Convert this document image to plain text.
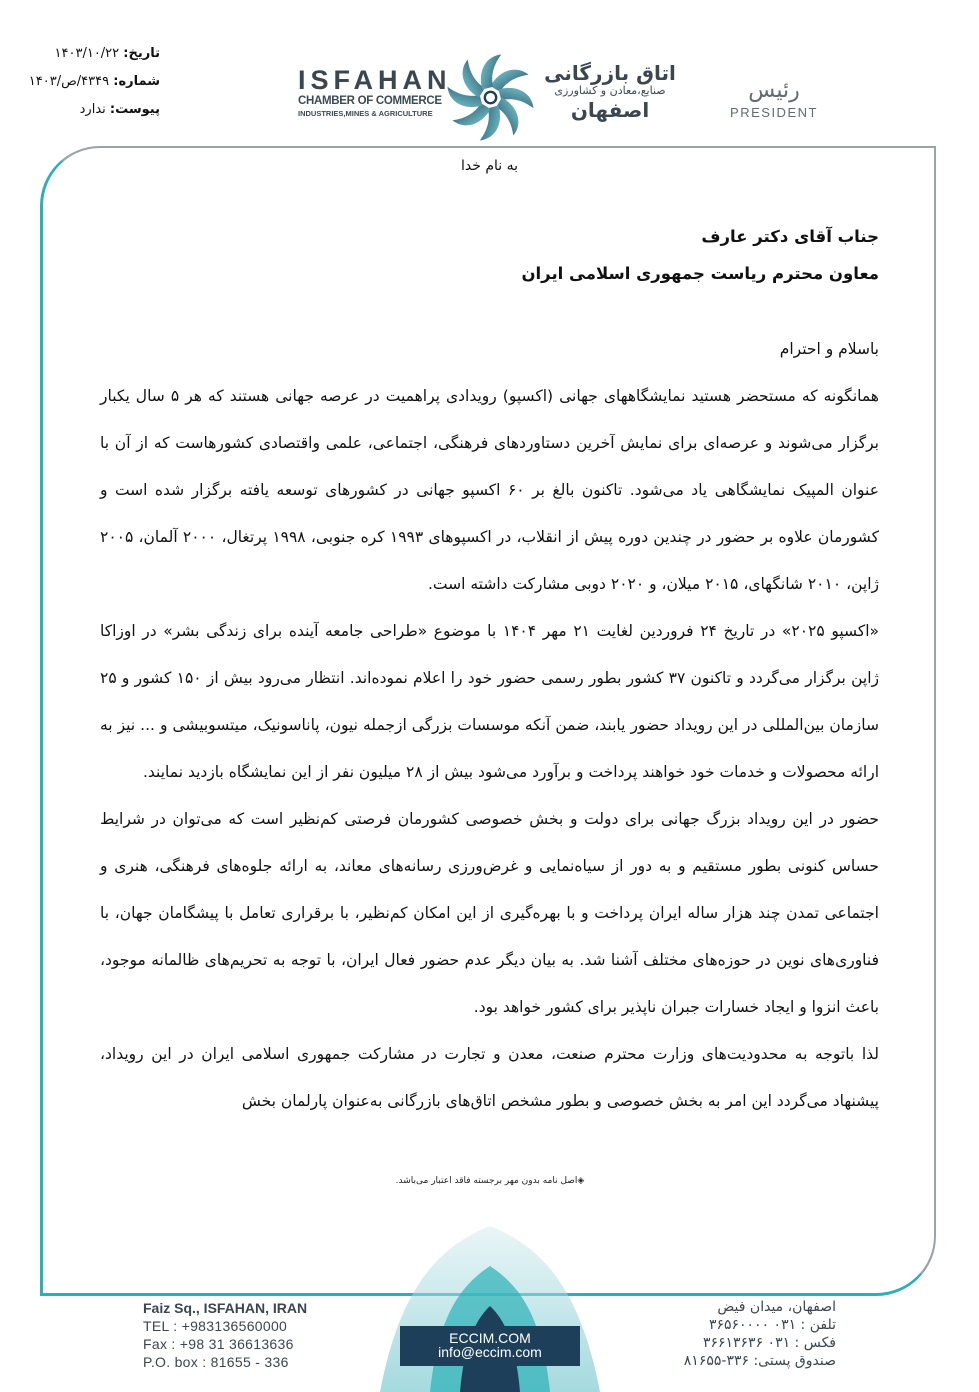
تاریخ: ۱۴۰۳/۱۰/۲۲
شماره: ۴۳۴۹/ص/۱۴۰۳
پیوست: ندارد
ISFAHAN
CHAMBER OF COMMERCE
INDUSTRIES,MINES & AGRICULTURE
اتاق بازرگانی
صنایع،معادن و کشاورزی
اصفهان
رئیس
PRESIDENT
به نام خدا
جناب آقای دکتر عارف
معاون محترم ریاست جمهوری اسلامی ایران

باسلام و احترام

همانگونه که مستحضر هستید نمایشگاههای جهانی (اکسپو) رویدادی پراهمیت در عرصه جهانی هستند که هر ۵ سال یکبار برگزار می‌شوند و عرصه‌ای برای نمایش آخرین دستاوردهای فرهنگی، اجتماعی، علمی واقتصادی کشورهاست که از آن با عنوان المپیک نمایشگاهی یاد می‌شود. تاکنون بالغ بر ۶۰ اکسپو جهانی در کشورهای توسعه یافته برگزار شده است و کشورمان علاوه بر حضور در چندین دوره پیش از انقلاب، در اکسپوهای ۱۹۹۳ کره جنوبی، ۱۹۹۸ پرتغال، ۲۰۰۰ آلمان، ۲۰۰۵ ژاپن، ۲۰۱۰ شانگهای، ۲۰۱۵ میلان، و ۲۰۲۰ دوبی مشارکت داشته است.

«اکسپو ۲۰۲۵» در تاریخ ۲۴ فروردین لغایت ۲۱ مهر ۱۴۰۴ با موضوع «طراحی جامعه آینده برای زندگی بشر» در اوزاکا ژاپن برگزار می‌گردد و تاکنون ۳۷ کشور بطور رسمی حضور خود را اعلام نموده‌اند. انتظار می‌رود بیش از ۱۵۰ کشور و ۲۵ سازمان بین‌المللی در این رویداد حضور یابند، ضمن آنکه موسسات بزرگی ازجمله نیون، پاناسونیک، میتسوبیشی و ... نیز به ارائه محصولات و خدمات خود خواهند پرداخت و برآورد می‌شود بیش از ۲۸ میلیون نفر از این نمایشگاه بازدید نمایند.

حضور در این رویداد بزرگ جهانی برای دولت و بخش خصوصی کشورمان فرصتی کم‌نظیر است که می‌توان در شرایط حساس کنونی بطور مستقیم و به دور از سیاه‌نمایی و غرض‌ورزی رسانه‌های معاند، به ارائه جلوه‌های فرهنگی، هنری و اجتماعی تمدن چند هزار ساله ایران پرداخت و با بهره‌گیری از این امکان کم‌نظیر، با برقراری تعامل با پیشگامان جهان، با فناوری‌های نوین در حوزه‌های مختلف آشنا شد. به بیان دیگر عدم حضور فعال ایران، با توجه به تحریم‌های ظالمانه موجود، باعث انزوا و ایجاد خسارات جبران ناپذیر برای کشور خواهد بود.

لذا باتوجه به محدودیت‌های وزارت محترم صنعت، معدن و تجارت در مشارکت جمهوری اسلامی ایران در این رویداد، پیشنهاد می‌گردد این امر به بخش خصوصی و بطور مشخص اتاق‌های بازرگانی به‌عنوان پارلمان بخش

◈اصل نامه بدون مهر برجسته فاقد اعتبار می‌باشد.
ECCIM.COM
info@eccim.com
Faiz Sq., ISFAHAN, IRAN
TEL : +983136560000
Fax : +98 31 36613636
P.O. box : 81655 - 336
اصفهان، میدان فیض
تلفن : ۰۳۱ ۳۶۵۶۰۰۰۰
فکس : ۰۳۱ ۳۶۶۱۳۶۳۶
صندوق پستی: ۳۳۶-۸۱۶۵۵
